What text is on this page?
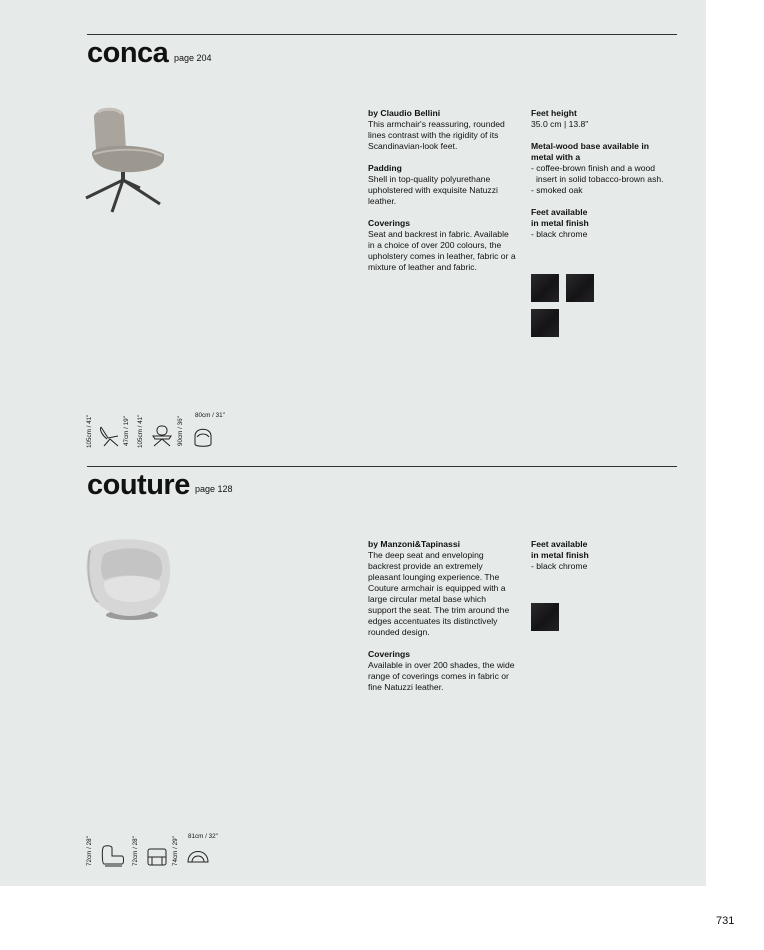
conca page 204
by Claudio Bellini
This armchair's reassuring, rounded lines contrast with the rigidity of its Scandinavian-look feet.
Padding
Shell in top-quality polyurethane upholstered with exquisite Natuzzi leather.
Coverings
Seat and backrest in fabric. Available in a choice of over 200 colours, the upholstery comes in leather, fabric or a mixture of leather and fabric.
Feet height
35.0 cm | 13.8"
Metal-wood base available in metal with a
- coffee-brown finish and a wood insert in solid tobacco-brown ash.
- smoked oak
Feet available in metal finish
- black chrome
105cm / 41"	47cm / 19" 105cm / 41"	90cm / 36"
80cm / 31"
couture page 128
by Manzoni&Tapinassi
The deep seat and enveloping backrest provide an extremely pleasant lounging experience. The Couture armchair is equipped with a large circular metal base which support the seat. The trim around the edges accentuates its distinctively rounded design.
Coverings
Available in over 200 shades, the wide range of coverings comes in fabric or fine Natuzzi leather.
Feet available in metal finish
- black chrome
72cm / 28"	72cm / 28"	74cm / 29" 81cm / 32"
731
